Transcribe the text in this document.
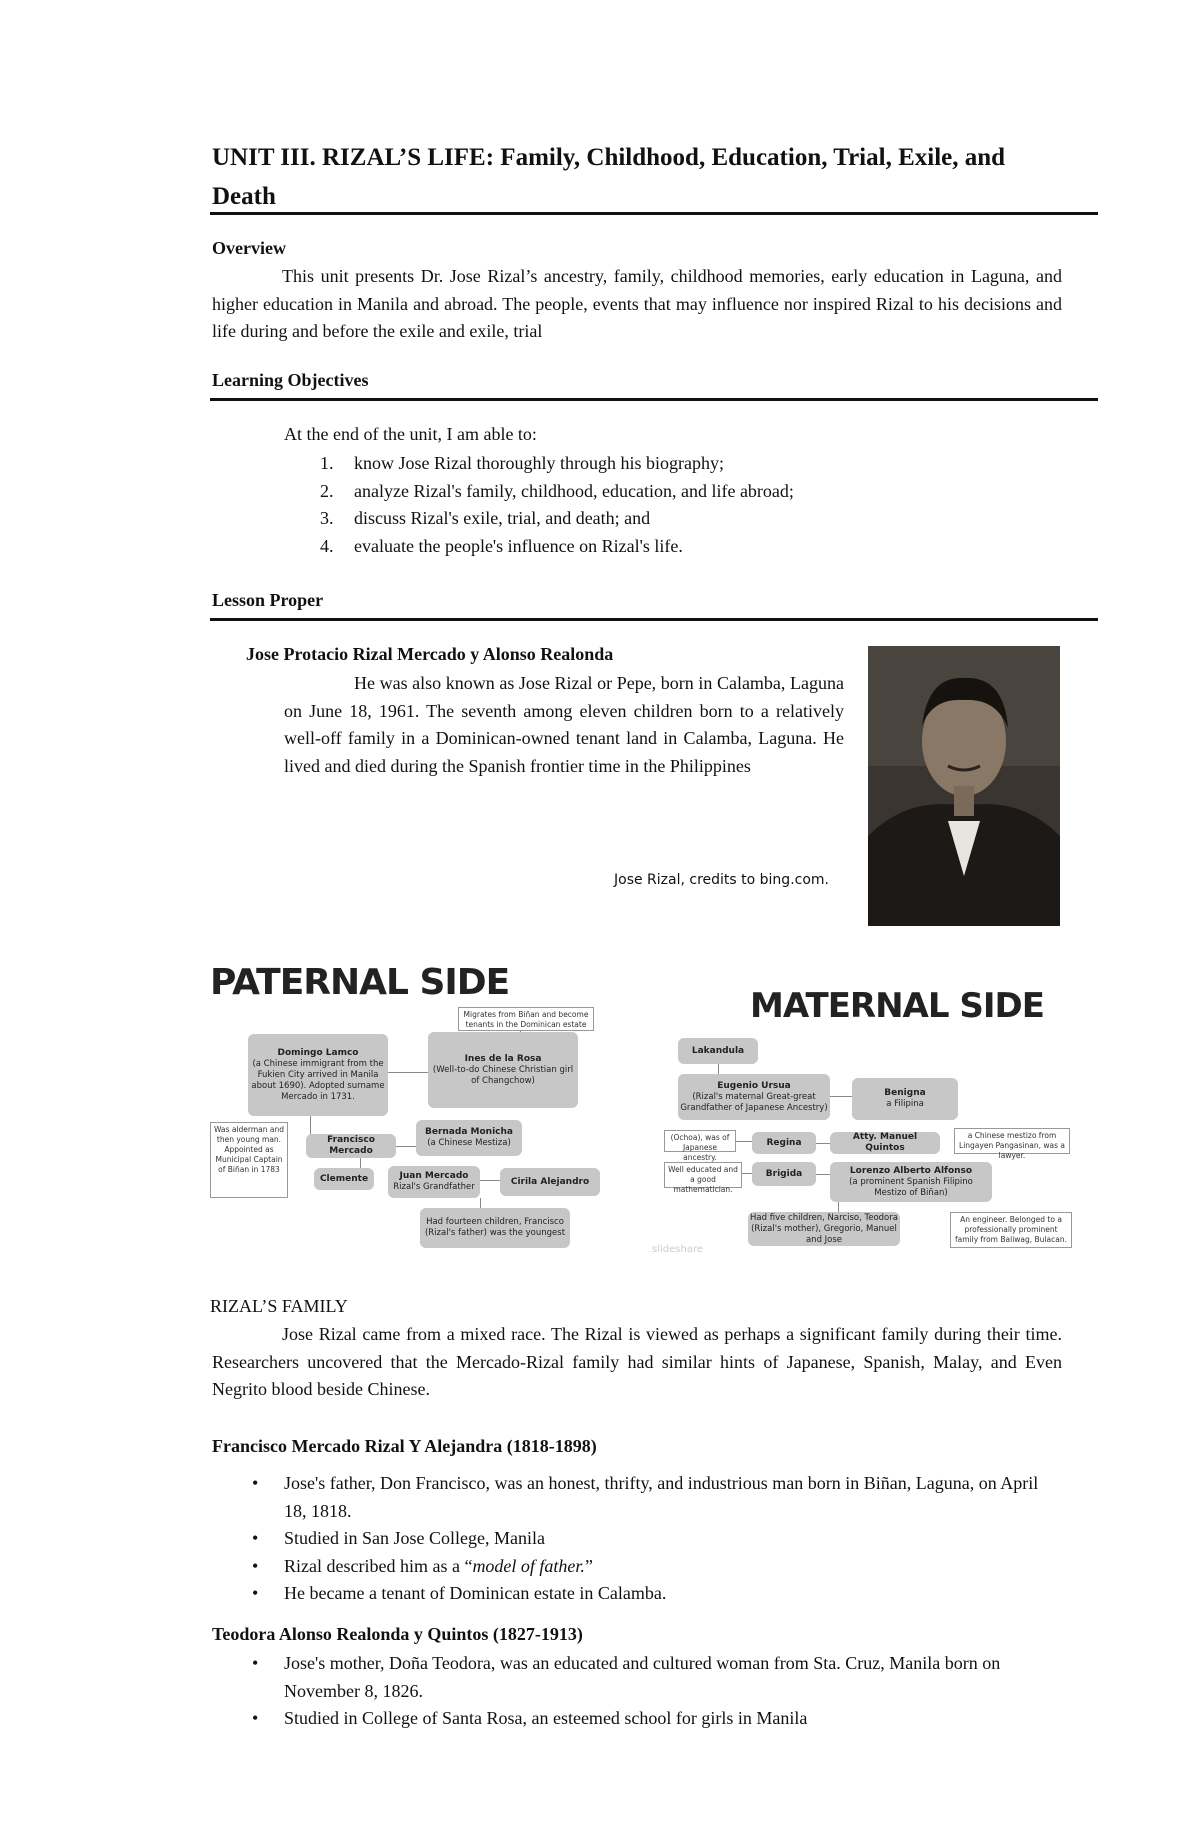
UNIT III. RIZAL’S LIFE: Family, Childhood, Education, Trial, Exile, and Death
Overview

This unit presents Dr. Jose Rizal’s ancestry, family, childhood memories, early education in Laguna, and higher education in Manila and abroad. The people, events that may influence nor inspired Rizal to his decisions and life during and before the exile and exile, trial

Learning Objectives
At the end of the unit, I am able to:
1. know Jose Rizal thoroughly through his biography;
2. analyze Rizal's family, childhood, education, and life abroad;
3. discuss Rizal's exile, trial, and death; and
4. evaluate the people's influence on Rizal's life.
Lesson Proper
Jose Protacio Rizal Mercado y Alonso Realonda

He was also known as Jose Rizal or Pepe, born in Calamba, Laguna on June 18, 1961. The seventh among eleven children born to a relatively well-off family in a Dominican-owned tenant land in Calamba, Laguna. He lived and died during the Spanish frontier time in the Philippines

Jose Rizal, credits to bing.com.
PATERNAL SIDE
Migrates from Biñan and become tenants in the Dominican estate
Domingo Lamco
(a Chinese immigrant from the Fukien City arrived in Manila about 1690). Adopted surname Mercado in 1731.
Ines de la Rosa
(Well-to-do Chinese Christian girl of Changchow)
Was alderman and then young man. Appointed as Municipal Captain of Biñan in 1783
Francisco Mercado
Bernada Monicha
(a Chinese Mestiza)
Clemente	Juan Mercado
Rizal's Grandfather
Cirila Alejandro
Had fourteen children, Francisco (Rizal's father) was the youngest
MATERNAL SIDE
Lakandula
Eugenio Ursua
(Rizal's maternal Great-great Grandfather of Japanese Ancestry)
Benigna
a Filipina
(Ochoa), was of Japanese ancestry.
Regina
Atty. Manuel Quintos
a Chinese mestizo from Lingayen Pangasinan, was a lawyer.
Well educated and a good mathematician.
Brigida	Lorenzo Alberto Alfonso
(a prominent Spanish Filipino Mestizo of Biñan)
Had five children, Narciso, Teodora (Rizal's mother), Gregorio, Manuel and Jose
An engineer. Belonged to a professionally prominent family from Baliwag, Bulacan.
slideshare
RIZAL’S FAMILY

Jose Rizal came from a mixed race. The Rizal is viewed as perhaps a significant family during their time. Researchers uncovered that the Mercado-Rizal family had similar hints of Japanese, Spanish, Malay, and Even Negrito blood beside Chinese.

Francisco Mercado Rizal Y Alejandra (1818-1898)
• Jose's father, Don Francisco, was an honest, thrifty, and industrious man born in Biñan, Laguna, on April 18, 1818.
• Studied in San Jose College, Manila
• Rizal described him as a “model of father.”
• He became a tenant of Dominican estate in Calamba.
Teodora Alonso Realonda y Quintos (1827-1913)
• Jose's mother, Doña Teodora, was an educated and cultured woman from Sta. Cruz, Manila born on November 8, 1826.
• Studied in College of Santa Rosa, an esteemed school for girls in Manila
